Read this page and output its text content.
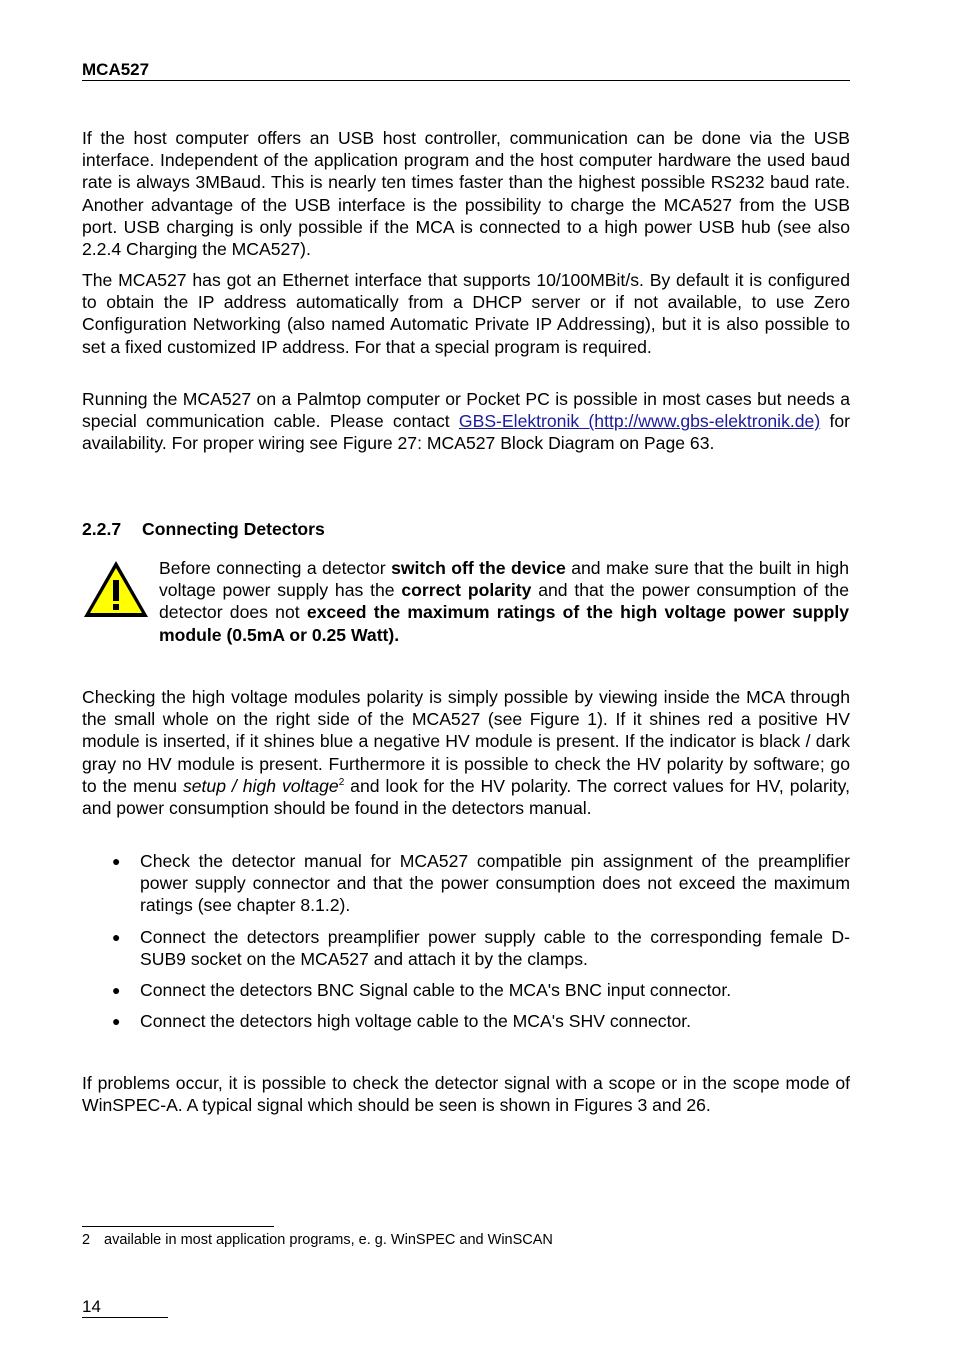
MCA527

If the host computer offers an USB host controller, communication can be done via the USB interface. Independent of the application program and the host computer hardware the used baud rate is always 3MBaud. This is nearly ten times faster than the highest possible RS232 baud rate. Another advantage of the USB interface is the possibility to charge the MCA527 from the USB port. USB charging is only possible if the MCA is connected to a high power USB hub (see also 2.2.4 Charging the MCA527).

The MCA527 has got an Ethernet interface that supports 10/100MBit/s. By default it is configured to obtain the IP address automatically from a DHCP server or if not available, to use Zero Configuration Networking (also named Automatic Private IP Addressing), but it is also possible to set a fixed customized IP address. For that a special program is required.

Running the MCA527 on a Palmtop computer or Pocket PC is possible in most cases but needs a special communication cable. Please contact GBS-Elektronik (http://www.gbs-elektronik.de) for availability. For proper wiring see Figure 27: MCA527 Block Diagram on Page 63.

2.2.7 Connecting Detectors

Before connecting a detector switch off the device and make sure that the built in high voltage power supply has the correct polarity and that the power consumption of the detector does not exceed the maximum ratings of the high voltage power supply module (0.5mA or 0.25 Watt).

Checking the high voltage modules polarity is simply possible by viewing inside the MCA through the small whole on the right side of the MCA527 (see Figure 1). If it shines red a positive HV module is inserted, if it shines blue a negative HV module is present. If the indicator is black / dark gray no HV module is present. Furthermore it is possible to check the HV polarity by software; go to the menu setup / high voltage$^2$ and look for the HV polarity. The correct values for HV, polarity, and power consumption should be found in the detectors manual.

● Check the detector manual for MCA527 compatible pin assignment of the preamplifier power supply connector and that the power consumption does not exceed the maximum ratings (see chapter 8.1.2).

● Connect the detectors preamplifier power supply cable to the corresponding female D-SUB9 socket on the MCA527 and attach it by the clamps.

● Connect the detectors BNC Signal cable to the MCA's BNC input connector.

● Connect the detectors high voltage cable to the MCA's SHV connector.

If problems occur, it is possible to check the detector signal with a scope or in the scope mode of WinSPEC-A. A typical signal which should be seen is shown in Figures 3 and 26.

2 available in most application programs, e. g. WinSPEC and WinSCAN
14
